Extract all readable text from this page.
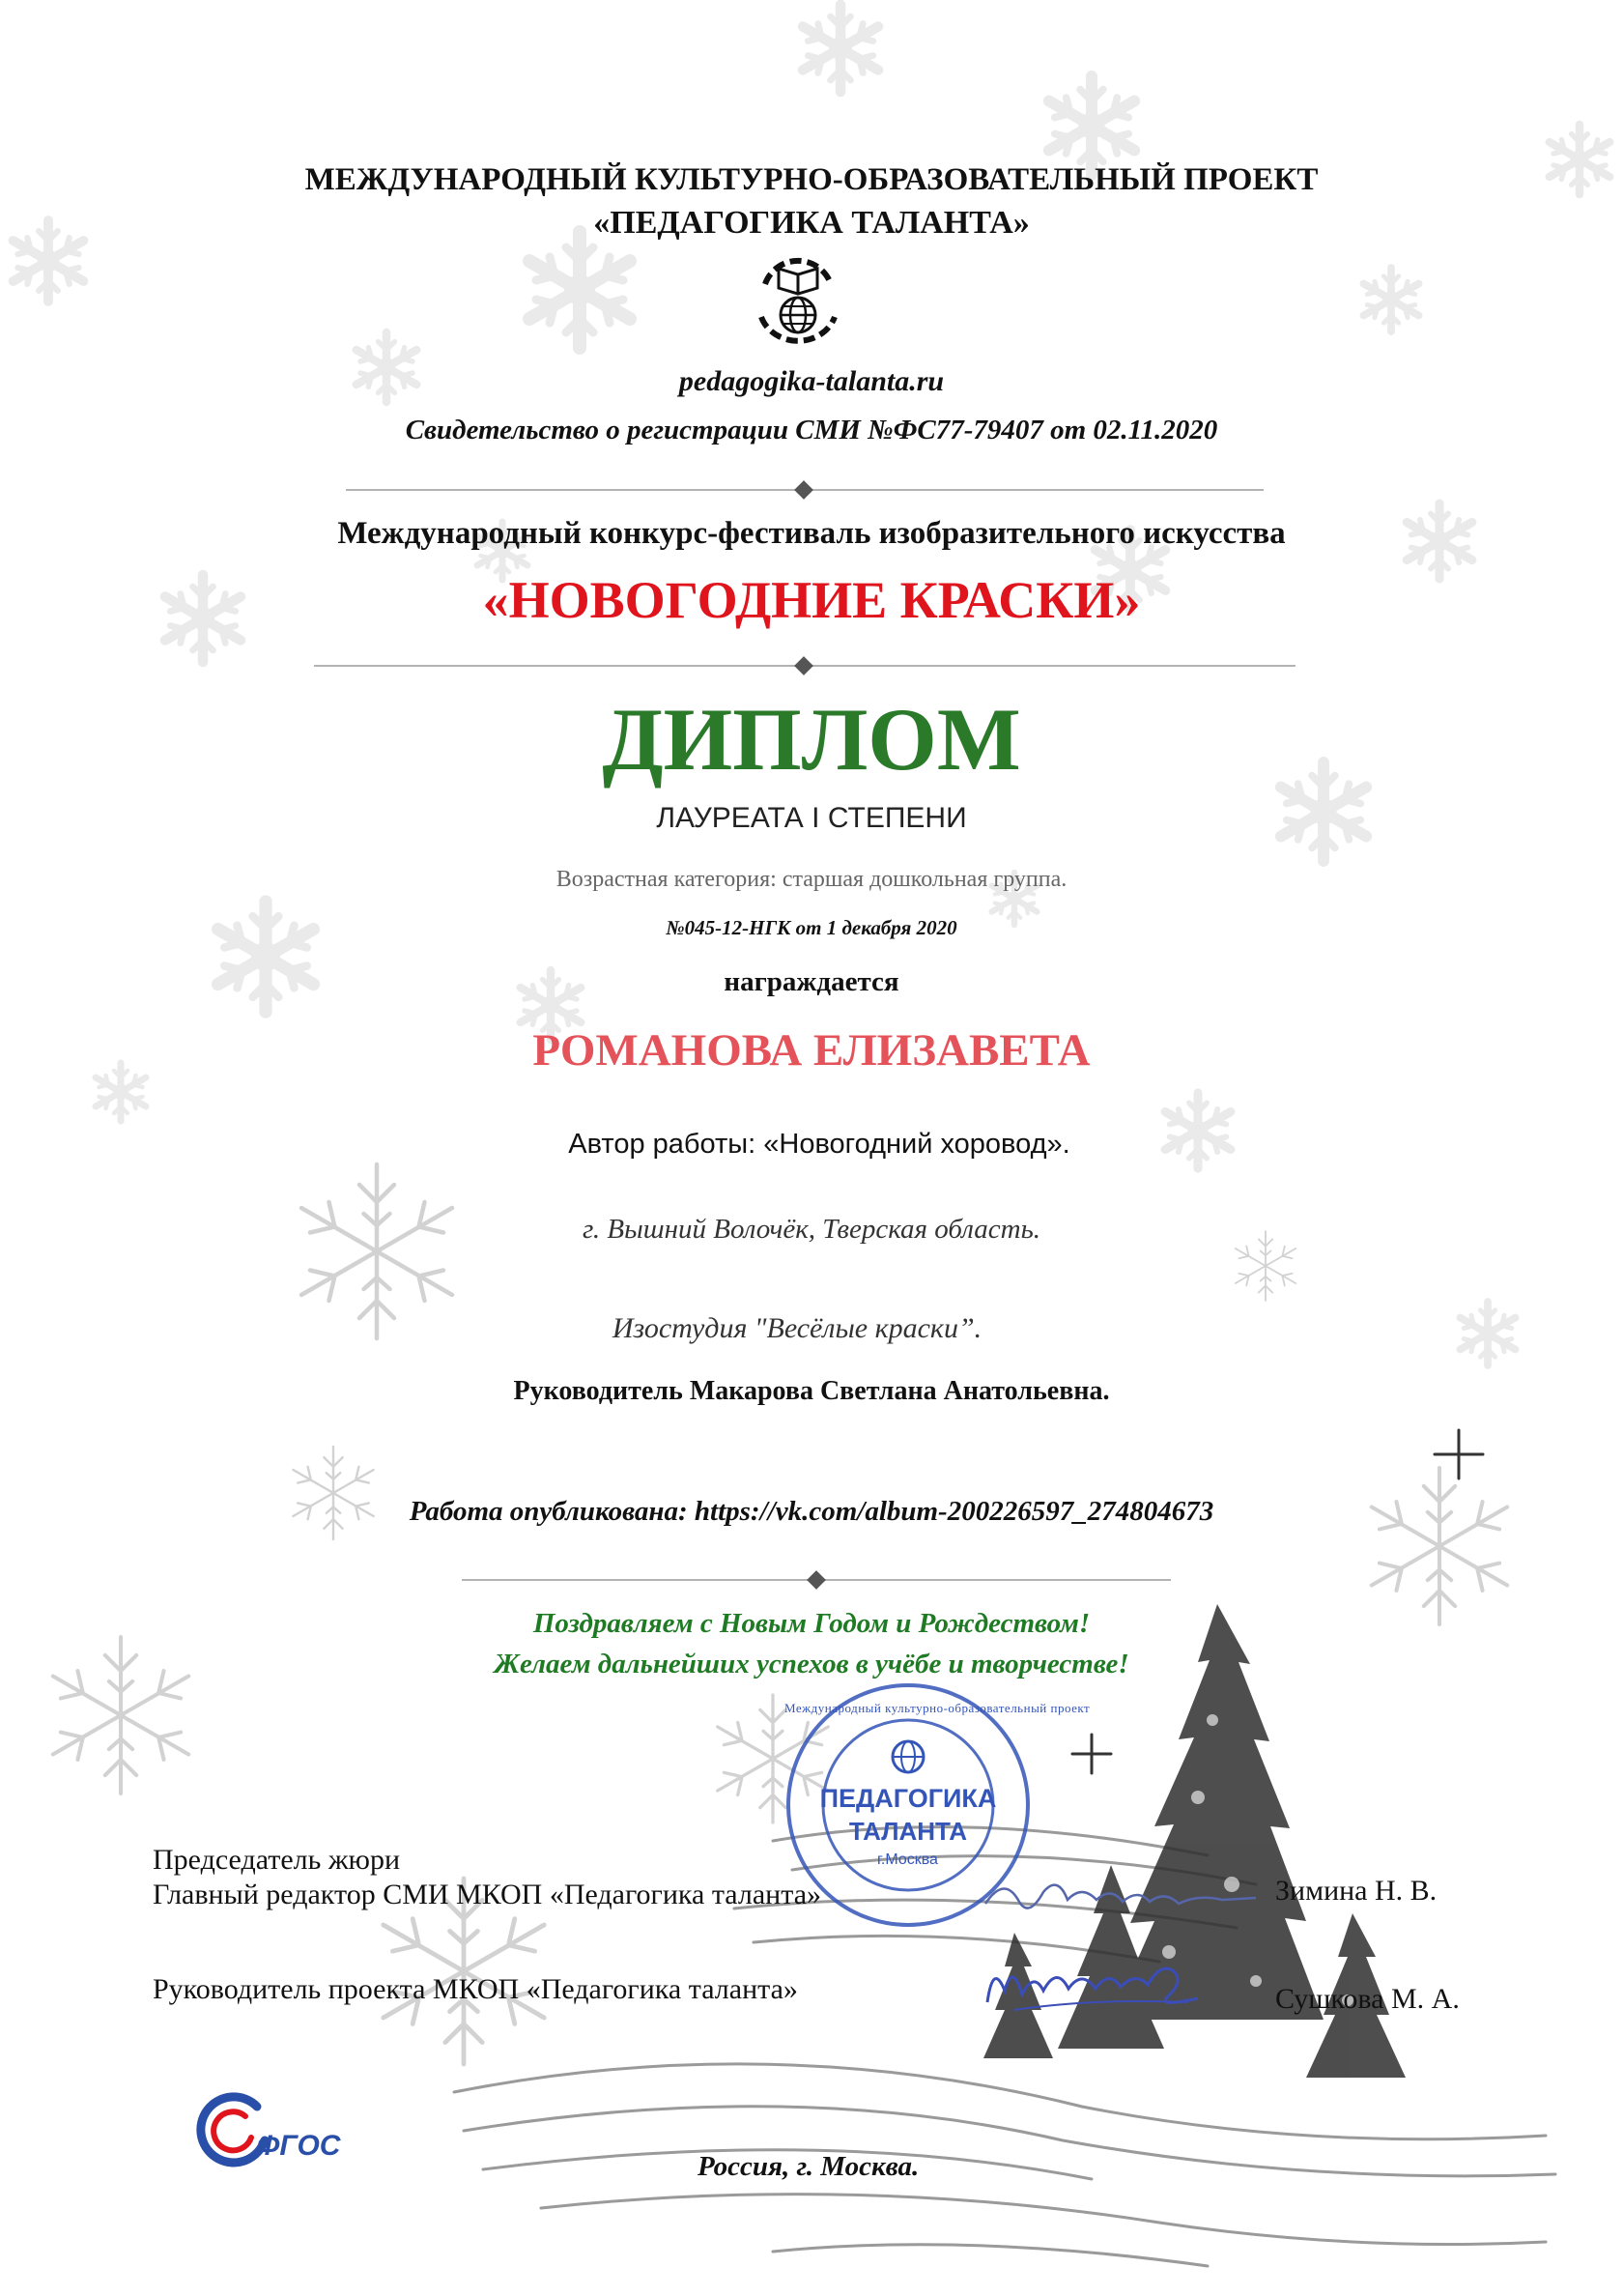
МЕЖДУНАРОДНЫЙ КУЛЬТУРНО-ОБРАЗОВАТЕЛЬНЫЙ ПРОЕКТ
«ПЕДАГОГИКА ТАЛАНТА»
pedagogika-talanta.ru
Свидетельство о регистрации СМИ №ФС77-79407 от 02.11.2020
Международный конкурс-фестиваль изобразительного искусства
«НОВОГОДНИЕ КРАСКИ»
ДИПЛОМ
ЛАУРЕАТА I СТЕПЕНИ
Возрастная категория: старшая дошкольная группа.
№045-12-НГК от 1 декабря 2020
награждается
РОМАНОВА ЕЛИЗАВЕТА
Автор работы: «Новогодний хоровод».
г. Вышний Волочёк, Тверская область.
Изостудия "Весёлые краски”.
Руководитель Макарова Светлана Анатольевна.
Работа опубликована: https://vk.com/album-200226597_274804673
Поздравляем с Новым Годом и Рождеством!
Желаем дальнейших успехов в учёбе и творчестве!
Международный культурно-образовательный проект
ПЕДАГОГИКА
ТАЛАНТА
г.Москва
Председатель жюри
Главный редактор СМИ МКОП «Педагогика таланта»	Зимина Н. В.
Руководитель проекта МКОП «Педагогика таланта»	Сушкова М. А.
ФГОС
Россия, г. Москва.
